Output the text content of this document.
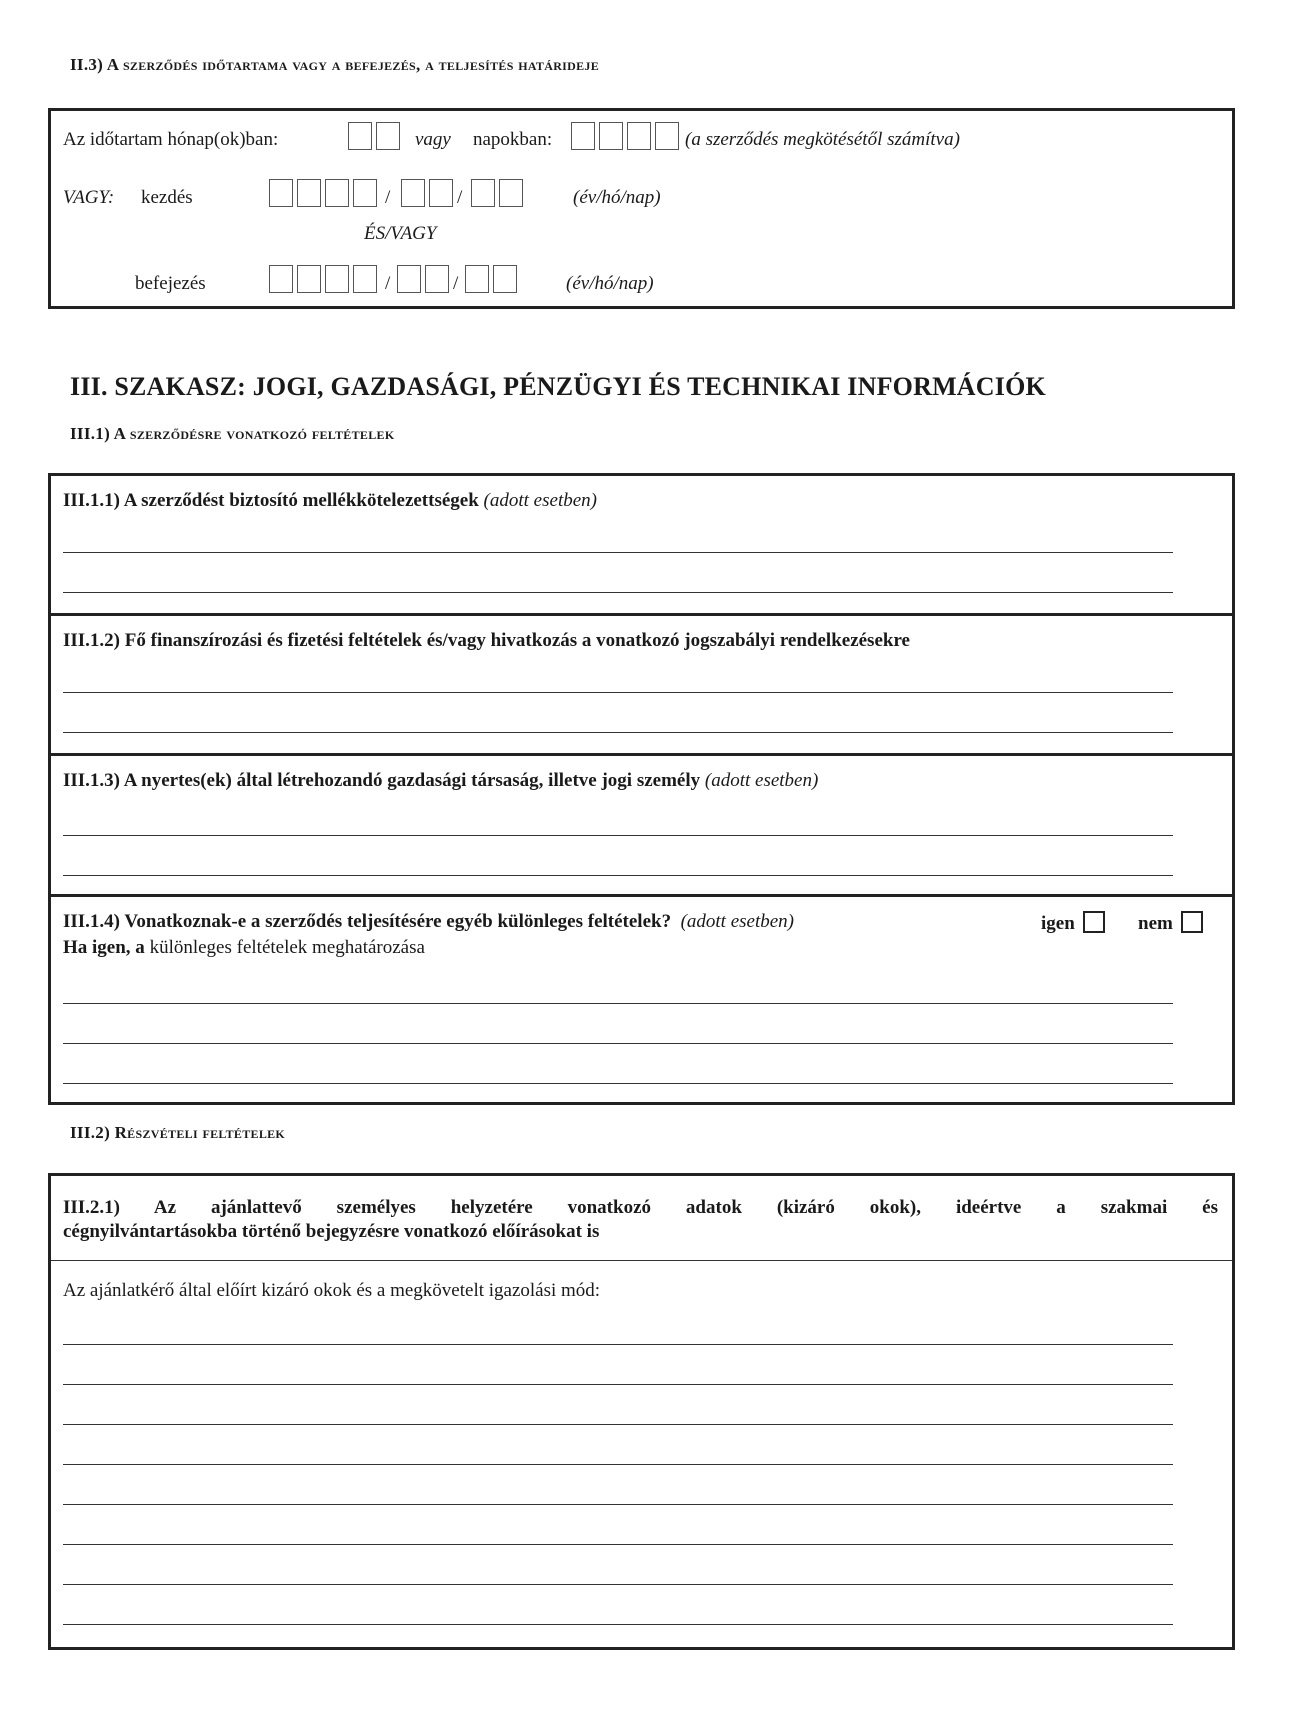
II.3) A szerződés időtartama vagy a befejezés, a teljesítés határideje
Az időtartam hónap(ok)ban:	vagy napokban:	(a szerződés megkötésétől számítva)
VAGY: kezdés	/	/	(év/hó/nap)
ÉS/VAGY
befejezés	/	/	(év/hó/nap)
III. SZAKASZ: JOGI, GAZDASÁGI, PÉNZÜGYI ÉS TECHNIKAI INFORMÁCIÓK
III.1) A szerződésre vonatkozó feltételek
III.1.1) A szerződést biztosító mellékkötelezettségek (adott esetben)
III.1.2) Fő finanszírozási és fizetési feltételek és/vagy hivatkozás a vonatkozó jogszabályi rendelkezésekre
III.1.3) A nyertes(ek) által létrehozandó gazdasági társaság, illetve jogi személy (adott esetben)
III.1.4) Vonatkoznak-e a szerződés teljesítésére egyéb különleges feltételek? (adott esetben)	igen	nem
Ha igen, a különleges feltételek meghatározása
III.2) Részvételi feltételek
III.2.1) Az ajánlattevő személyes helyzetére vonatkozó adatok (kizáró okok), ideértve a szakmai és
cégnyilvántartásokba történő bejegyzésre vonatkozó előírásokat is
Az ajánlatkérő által előírt kizáró okok és a megkövetelt igazolási mód:
